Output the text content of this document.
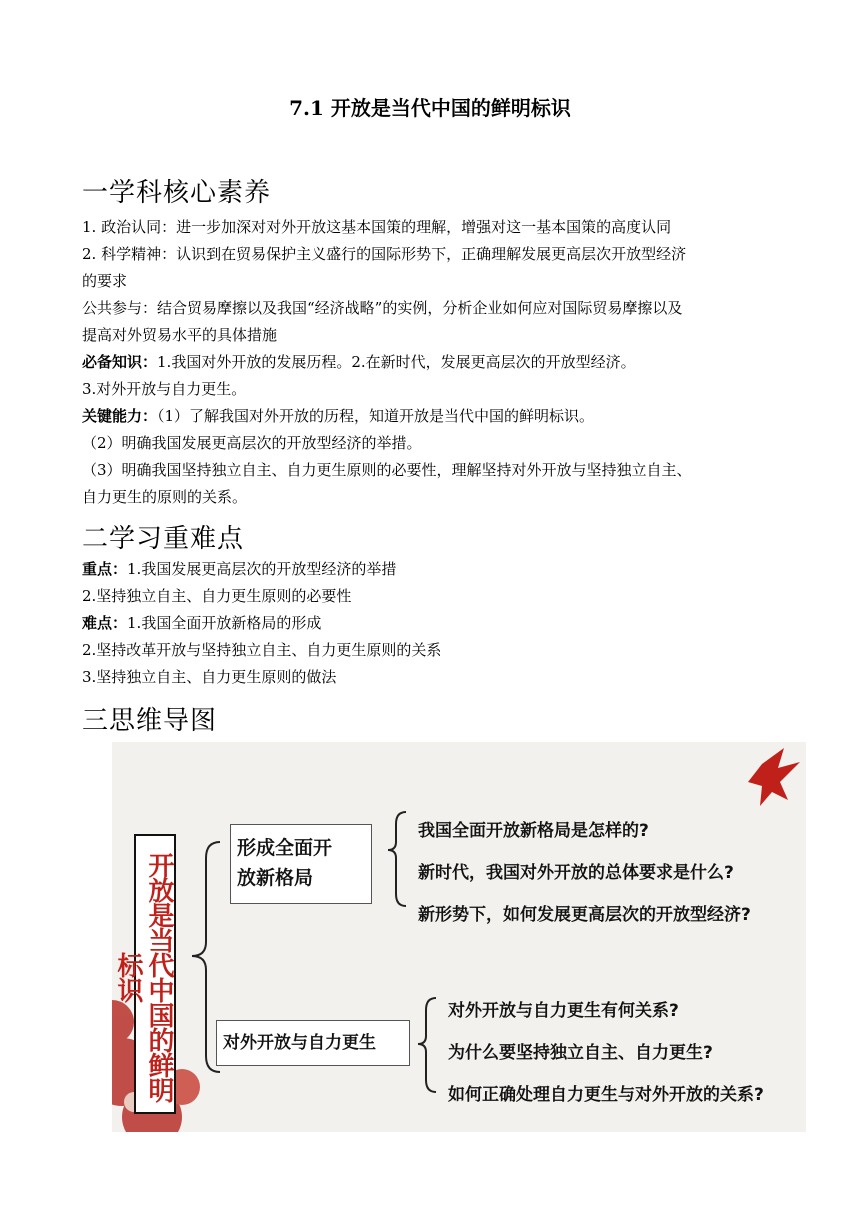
7.1 开放是当代中国的鲜明标识
一学科核心素养
1. 政治认同：进一步加深对对外开放这基本国策的理解，增强对这一基本国策的高度认同
2. 科学精神：认识到在贸易保护主义盛行的国际形势下，正确理解发展更高层次开放型经济
的要求
公共参与：结合贸易摩擦以及我国“经济战略”的实例，分析企业如何应对国际贸易摩擦以及
提高对外贸易水平的具体措施
必备知识：1.我国对外开放的发展历程。2.在新时代，发展更高层次的开放型经济。
3.对外开放与自力更生。
关键能力：（1）了解我国对外开放的历程，知道开放是当代中国的鲜明标识。
（2）明确我国发展更高层次的开放型经济的举措。
（3）明确我国坚持独立自主、自力更生原则的必要性，理解坚持对外开放与坚持独立自主、
自力更生的原则的关系。
二学习重难点
重点：1.我国发展更高层次的开放型经济的举措
2.坚持独立自主、自力更生原则的必要性
难点：1.我国全面开放新格局的形成
2.坚持改革开放与坚持独立自主、自力更生原则的关系
3.坚持独立自主、自力更生原则的做法
三思维导图
开放是当代中国的鲜明标识
形成全面开
放新格局
我国全面开放新格局是怎样的?
新时代，我国对外开放的总体要求是什么?
新形势下，如何发展更高层次的开放型经济?
对外开放与自力更生
对外开放与自力更生有何关系?
为什么要坚持独立自主、自力更生?
如何正确处理自力更生与对外开放的关系?
